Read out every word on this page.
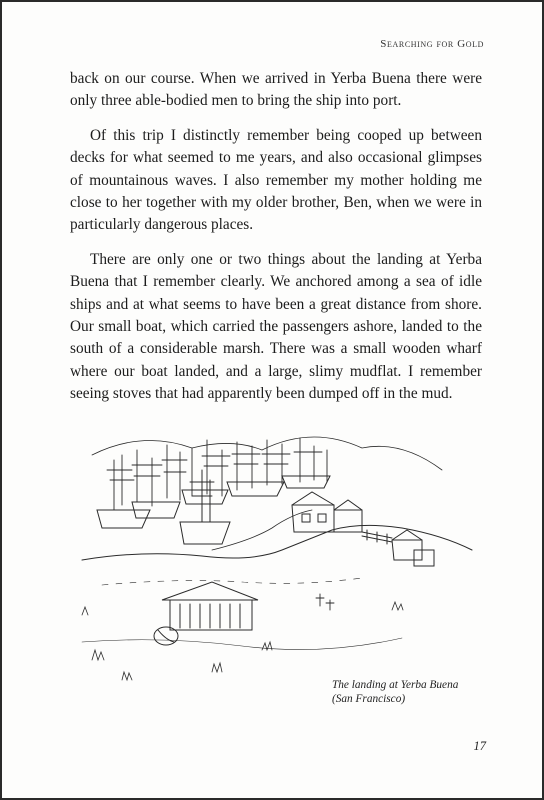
Searching for Gold

back on our course. When we arrived in Yerba Buena there were only three able-bodied men to bring the ship into port.

Of this trip I distinctly remember being cooped up between decks for what seemed to me years, and also occasional glimpses of mountainous waves. I also remember my mother holding me close to her together with my older brother, Ben, when we were in particularly dangerous places.

There are only one or two things about the landing at Yerba Buena that I remember clearly. We anchored among a sea of idle ships and at what seems to have been a great distance from shore. Our small boat, which carried the passengers ashore, landed to the south of a considerable marsh. There was a small wooden wharf where our boat landed, and a large, slimy mudflat. I remember seeing stoves that had apparently been dumped off in the mud.

The landing at Yerba Buena
(San Francisco)
17
